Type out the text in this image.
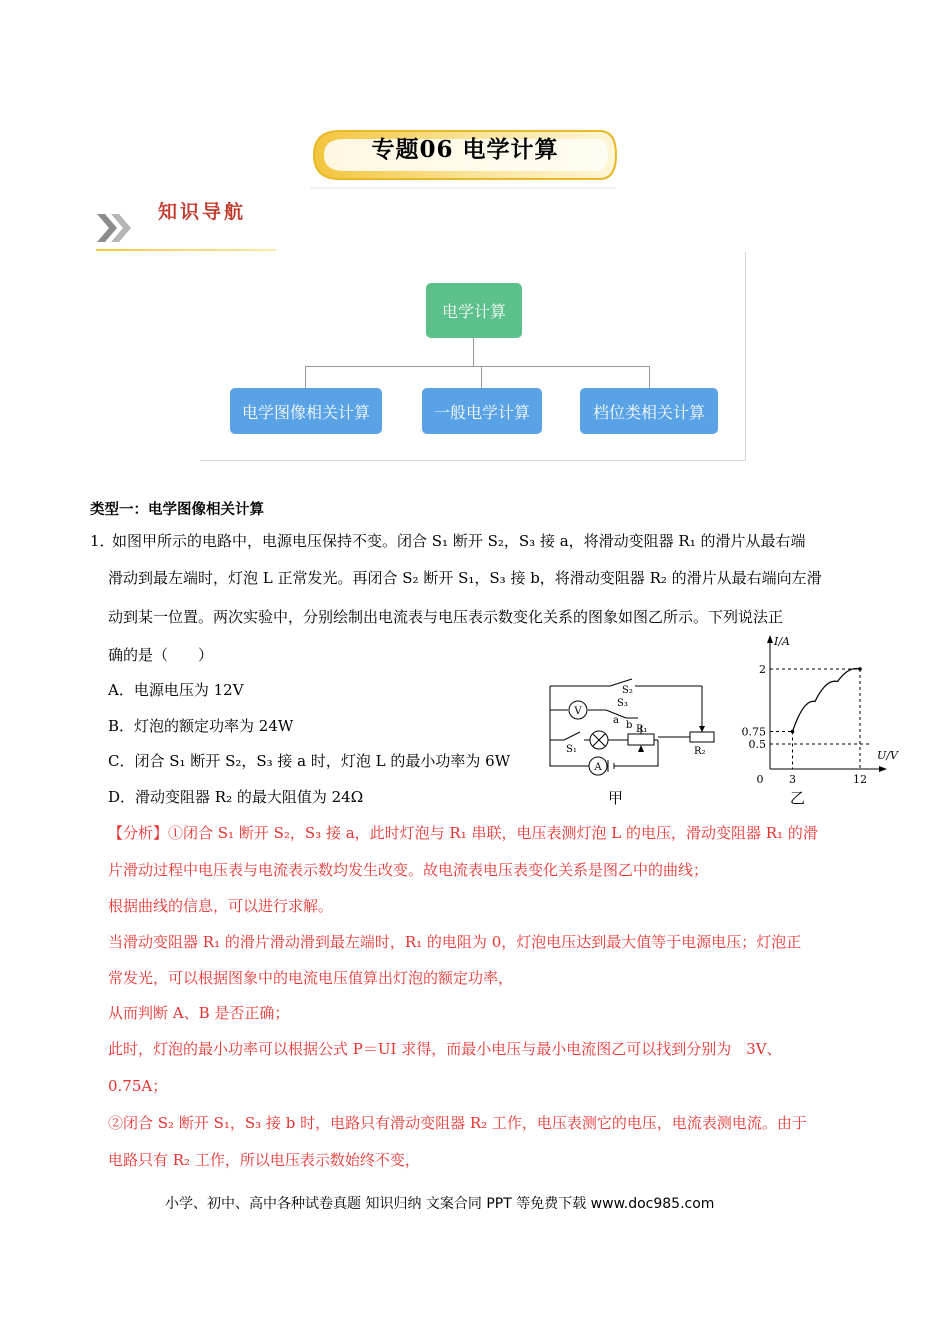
专题06 电学计算
知识导航
电学计算
电学图像相关计算	一般电学计算	档位类相关计算
类型一：电学图像相关计算
1．
如图甲所示的电路中，电源电压保持不变。闭合 S₁ 断开 S₂，S₃ 接 a，将滑动变阻器 R₁ 的滑片从最右端
滑动到最左端时，灯泡 L 正常发光。再闭合 S₂ 断开 S₁，S₃ 接 b，将滑动变阻器 R₂ 的滑片从最右端向左滑
动到某一位置。两次实验中，分别绘制出电流表与电压表示数变化关系的图象如图乙所示。下列说法正
确的是（　　）
A．电源电压为 12V
B．灯泡的额定功率为 24W
C．闭合 S₁ 断开 S₂，S₃ 接 a 时，灯泡 L 的最小功率为 6W
D．滑动变阻器 R₂ 的最大阻值为 24Ω
V
A
S₂
S₃
a b
S₁
R₁
R₂
甲
I/A
U/V
0.5
0.75
2
0 3	12
乙
【分析】①闭合 S₁ 断开 S₂，S₃ 接 a，此时灯泡与 R₁ 串联，电压表测灯泡 L 的电压，滑动变阻器 R₁ 的滑
片滑动过程中电压表与电流表示数均发生改变。故电流表电压表变化关系是图乙中的曲线；
根据曲线的信息，可以进行求解。
当滑动变阻器 R₁ 的滑片滑动滑到最左端时，R₁ 的电阻为 0，灯泡电压达到最大值等于电源电压；灯泡正
常发光，可以根据图象中的电流电压值算出灯泡的额定功率，
从而判断 A、B 是否正确；
此时，灯泡的最小功率可以根据公式 P＝UI 求得，而最小电压与最小电流图乙可以找到分别为　3V、
0.75A；
②闭合 S₂ 断开 S₁，S₃ 接 b 时，电路只有滑动变阻器 R₂ 工作，电压表测它的电压，电流表测电流。由于
电路只有 R₂ 工作，所以电压表示数始终不变，
小学、初中、高中各种试卷真题 知识归纳 文案合同 PPT 等免费下载 www.doc985.com
